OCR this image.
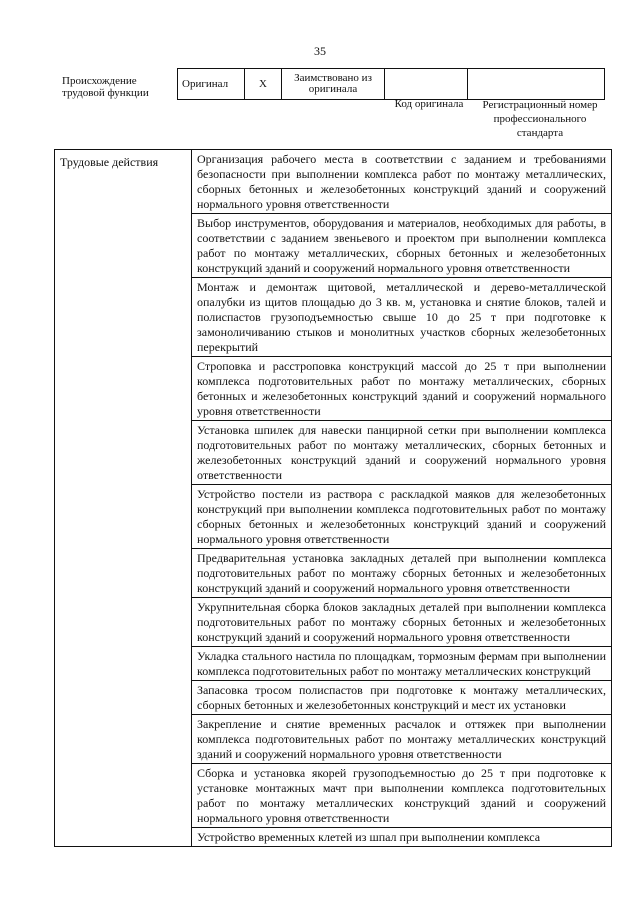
35
Происхождение трудовой функции
Оригинал	X	Заимствовано из оригинала		
Код оригинала	Регистрационный номер профессионального стандарта
Трудовые действия	Организация рабочего места в соответствии с заданием и требованиями безопасности при выполнении комплекса работ по монтажу металлических, сборных бетонных и железобетонных конструкций зданий и сооружений нормального уровня ответственности
Выбор инструментов, оборудования и материалов, необходимых для работы, в соответствии с заданием звеньевого и проектом при выполнении комплекса работ по монтажу металлических, сборных бетонных и железобетонных конструкций зданий и сооружений нормального уровня ответственности
Монтаж и демонтаж щитовой, металлической и дерево-металлической опалубки из щитов площадью до 3 кв. м, установка и снятие блоков, талей и полиспастов грузоподъемностью свыше 10 до 25 т при подготовке к замоноличиванию стыков и монолитных участков сборных железобетонных перекрытий
Строповка и расстроповка конструкций массой до 25 т при выполнении комплекса подготовительных работ по монтажу металлических, сборных бетонных и железобетонных конструкций зданий и сооружений нормального уровня ответственности
Установка шпилек для навески панцирной сетки при выполнении комплекса подготовительных работ по монтажу металлических, сборных бетонных и железобетонных конструкций зданий и сооружений нормального уровня ответственности
Устройство постели из раствора с раскладкой маяков для железобетонных конструкций при выполнении комплекса подготовительных работ по монтажу сборных бетонных и железобетонных конструкций зданий и сооружений нормального уровня ответственности
Предварительная установка закладных деталей при выполнении комплекса подготовительных работ по монтажу сборных бетонных и железобетонных конструкций зданий и сооружений нормального уровня ответственности
Укрупнительная сборка блоков закладных деталей при выполнении комплекса подготовительных работ по монтажу сборных бетонных и железобетонных конструкций зданий и сооружений нормального уровня ответственности
Укладка стального настила по площадкам, тормозным фермам при выполнении комплекса подготовительных работ по монтажу металлических конструкций
Запасовка тросом полиспастов при подготовке к монтажу металлических, сборных бетонных и железобетонных конструкций и мест их установки
Закрепление и снятие временных расчалок и оттяжек при выполнении комплекса подготовительных работ по монтажу металлических конструкций зданий и сооружений нормального уровня ответственности
Сборка и установка якорей грузоподъемностью до 25 т при подготовке к установке монтажных мачт при выполнении комплекса подготовительных работ по монтажу металлических конструкций зданий и сооружений нормального уровня ответственности
Устройство временных клетей из шпал при выполнении комплекса
